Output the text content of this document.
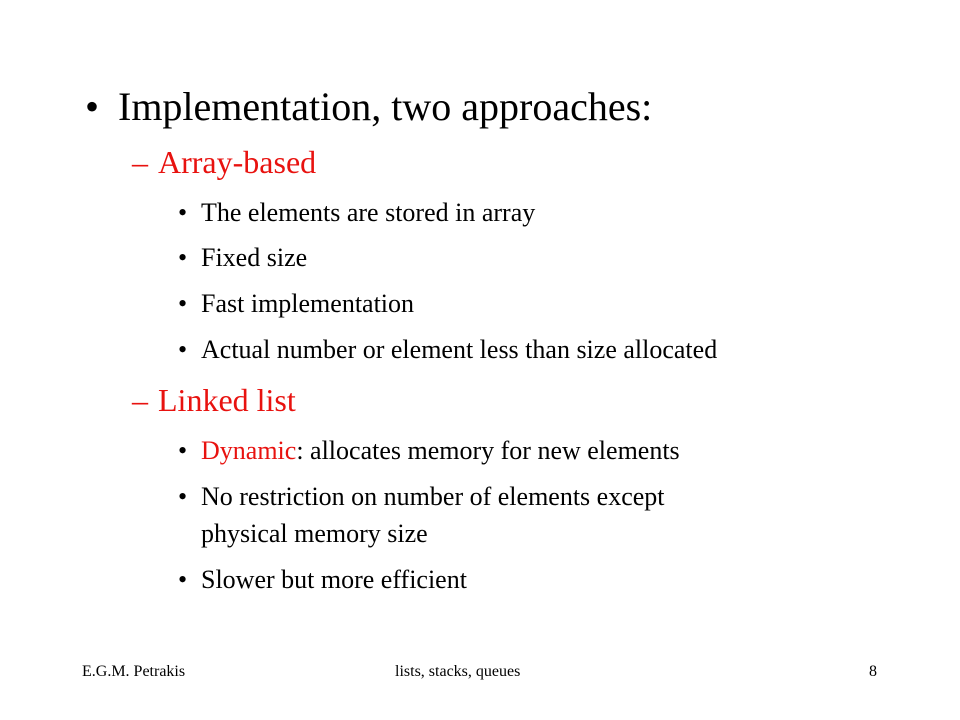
• Implementation, two approaches:
– Array-based
• The elements are stored in array
• Fixed size
• Fast implementation
• Actual number or element less than size allocated
– Linked list
• Dynamic: allocates memory for new elements
• No restriction on number of elements except
physical memory size
• Slower but more efficient
E.G.M. Petrakis	lists, stacks, queues	8
